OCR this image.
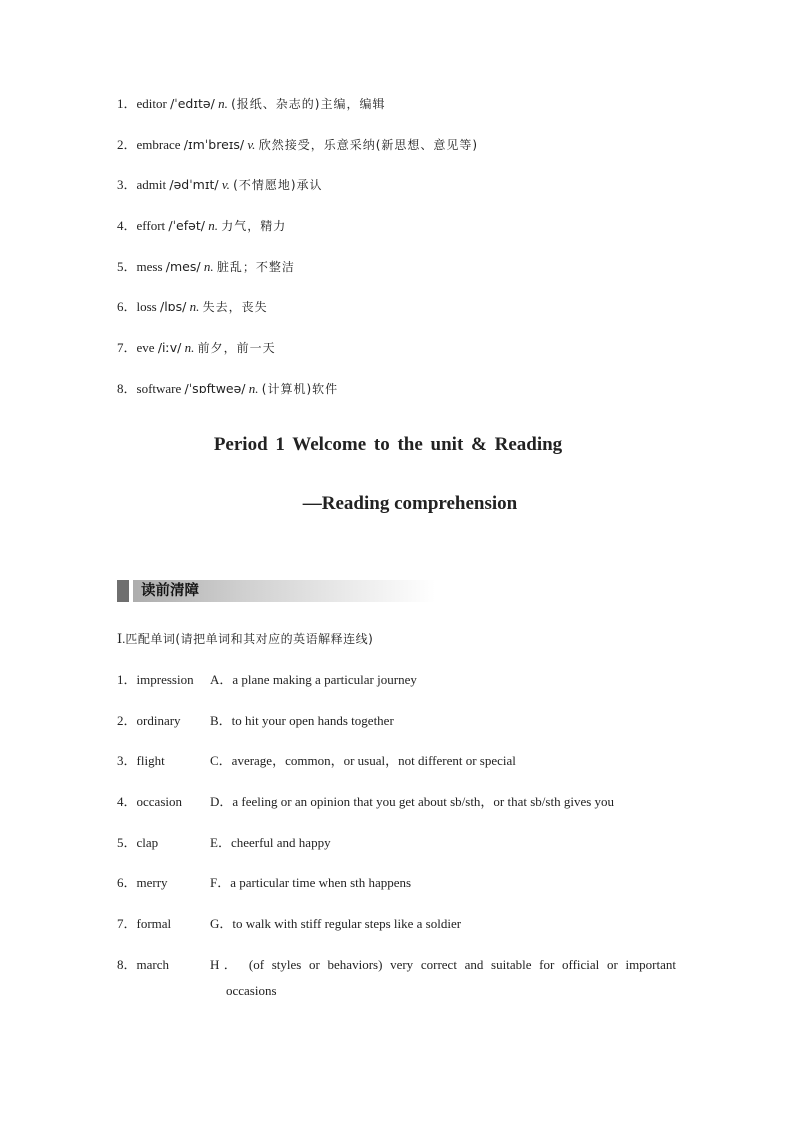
1．editor /ˈedɪtə/ n. (报纸、杂志的)主编，编辑
2．embrace /ɪmˈbreɪs/ v. 欣然接受，乐意采纳(新思想、意见等)
3．admit /ədˈmɪt/ v. (不情愿地)承认
4．effort /ˈefət/ n. 力气，精力
5．mess /mes/ n. 脏乱；不整洁
6．loss /lɒs/ n. 失去，丧失
7．eve /iːv/ n. 前夕，前一天
8．software /ˈsɒftweə/ n. (计算机)软件
Period 1 Welcome to the unit & Reading
—Reading comprehension
读前清障
Ⅰ.匹配单词(请把单词和其对应的英语解释连线)
1．impression A．a plane making a particular journey
2．ordinary B．to hit your open hands together
3．flight	C．average，common，or usual，not different or special
4．occasion D．a feeling or an opinion that you get about sb/sth，or that sb/sth gives you
5．clap	E．cheerful and happy
6．merry	F．a particular time when sth happens
7．formal	G．to walk with stiff regular steps like a soldier
8．march	H． (of styles or behaviors) very correct and suitable for official or important
occasions
